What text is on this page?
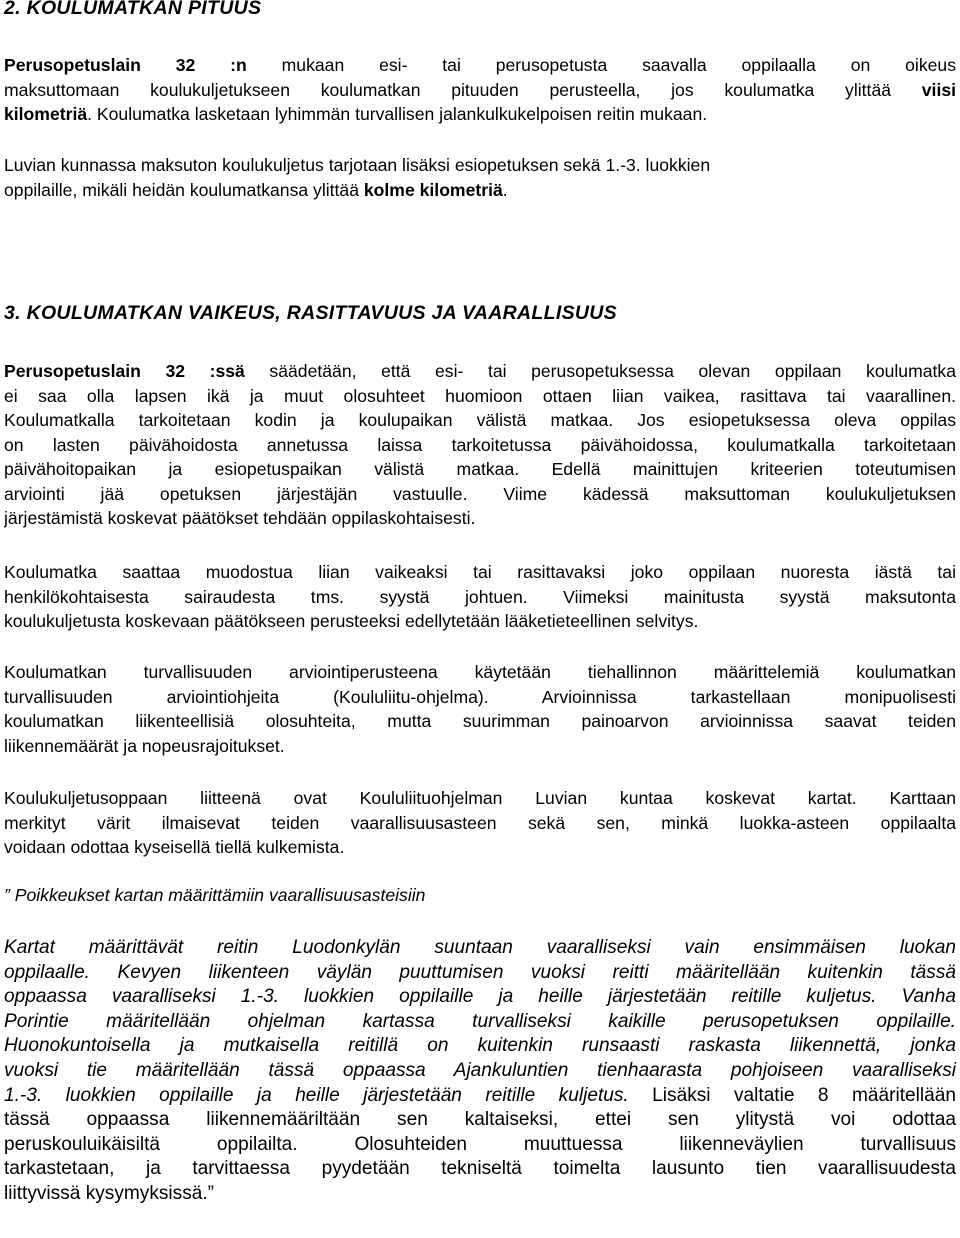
2. KOULUMATKAN PITUUS
Perusopetuslain 32 :n mukaan esi- tai perusopetusta saavalla oppilaalla on oikeus
maksuttomaan koulukuljetukseen koulumatkan pituuden perusteella, jos koulumatka ylittää viisi
kilometriä. Koulumatka lasketaan lyhimmän turvallisen jalankulkukelpoisen reitin mukaan.
Luvian kunnassa maksuton koulukuljetus tarjotaan lisäksi esiopetuksen sekä 1.-3. luokkien
oppilaille, mikäli heidän koulumatkansa ylittää kolme kilometriä.
3. KOULUMATKAN VAIKEUS, RASITTAVUUS JA VAARALLISUUS
Perusopetuslain 32 :ssä säädetään, että esi- tai perusopetuksessa olevan oppilaan koulumatka
ei saa olla lapsen ikä ja muut olosuhteet huomioon ottaen liian vaikea, rasittava tai vaarallinen.
Koulumatkalla tarkoitetaan kodin ja koulupaikan välistä matkaa. Jos esiopetuksessa oleva oppilas
on lasten päivähoidosta annetussa laissa tarkoitetussa päivähoidossa, koulumatkalla tarkoitetaan
päivähoitopaikan ja esiopetuspaikan välistä matkaa. Edellä mainittujen kriteerien toteutumisen
arviointi jää opetuksen järjestäjän vastuulle. Viime kädessä maksuttoman koulukuljetuksen
järjestämistä koskevat päätökset tehdään oppilaskohtaisesti.
Koulumatka saattaa muodostua liian vaikeaksi tai rasittavaksi joko oppilaan nuoresta iästä tai
henkilökohtaisesta sairaudesta tms. syystä johtuen. Viimeksi mainitusta syystä maksutonta
koulukuljetusta koskevaan päätökseen perusteeksi edellytetään lääketieteellinen selvitys.
Koulumatkan turvallisuuden arviointiperusteena käytetään tiehallinnon määrittelemiä koulumatkan
turvallisuuden arviointiohjeita (Koululiitu-ohjelma). Arvioinnissa tarkastellaan monipuolisesti
koulumatkan liikenteellisiä olosuhteita, mutta suurimman painoarvon arvioinnissa saavat teiden
liikennemäärät ja nopeusrajoitukset.
Koulukuljetusoppaan liitteenä ovat Koululiituohjelman Luvian kuntaa koskevat kartat. Karttaan
merkityt värit ilmaisevat teiden vaarallisuusasteen sekä sen, minkä luokka-asteen oppilaalta
voidaan odottaa kyseisellä tiellä kulkemista.
” Poikkeukset kartan määrittämiin vaarallisuusasteisiin
Kartat määrittävät reitin Luodonkylän suuntaan vaaralliseksi vain ensimmäisen luokan
oppilaalle. Kevyen liikenteen väylän puuttumisen vuoksi reitti määritellään kuitenkin tässä
oppaassa vaaralliseksi 1.-3. luokkien oppilaille ja heille järjestetään reitille kuljetus. Vanha
Porintie määritellään ohjelman kartassa turvalliseksi kaikille perusopetuksen oppilaille.
Huonokuntoisella ja mutkaisella reitillä on kuitenkin runsaasti raskasta liikennettä, jonka
vuoksi tie määritellään tässä oppaassa Ajankuluntien tienhaarasta pohjoiseen vaaralliseksi
1.-3. luokkien oppilaille ja heille järjestetään reitille kuljetus. Lisäksi valtatie 8 määritellään
tässä oppaassa liikennemääriltään sen kaltaiseksi, ettei sen ylitystä voi odottaa
peruskouluikäisiltä oppilailta. Olosuhteiden muuttuessa liikenneväylien turvallisuus
tarkastetaan, ja tarvittaessa pyydetään tekniseltä toimelta lausunto tien vaarallisuudesta
liittyvissä kysymyksissä.”
